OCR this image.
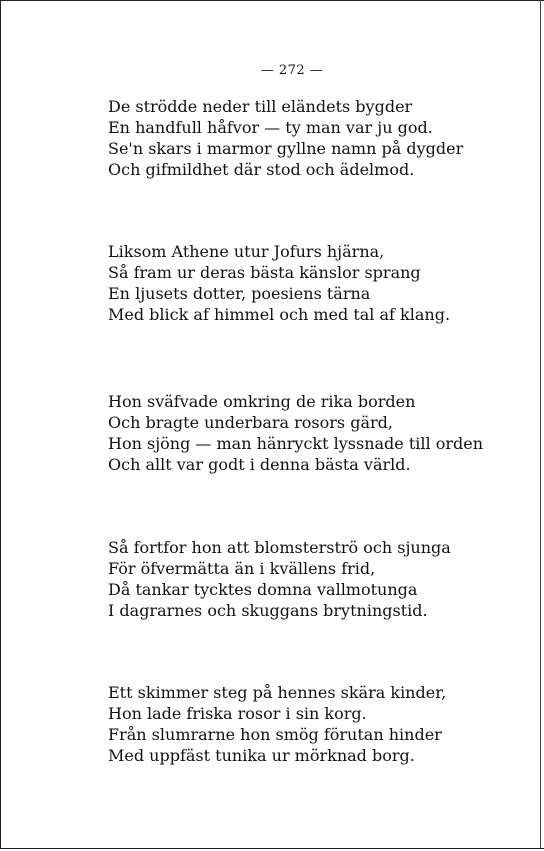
— 272 —
De strödde neder till eländets bygder
En handfull håfvor — ty man var ju god.
Se'n skars i marmor gyllne namn på dygder
Och gifmildhet där stod och ädelmod.
Liksom Athene utur Jofurs hjärna,
Så fram ur deras bästa känslor sprang
En ljusets dotter, poesiens tärna
Med blick af himmel och med tal af klang.
Hon sväfvade omkring de rika borden
Och bragte underbara rosors gärd,
Hon sjöng — man hänryckt lyssnade till orden
Och allt var godt i denna bästa värld.
Så fortfor hon att blomsterströ och sjunga
För öfvermätta än i kvällens frid,
Då tankar tycktes domna vallmotunga
I dagrarnes och skuggans brytningstid.
Ett skimmer steg på hennes skära kinder,
Hon lade friska rosor i sin korg.
Från slumrarne hon smög förutan hinder
Med uppfäst tunika ur mörknad borg.
